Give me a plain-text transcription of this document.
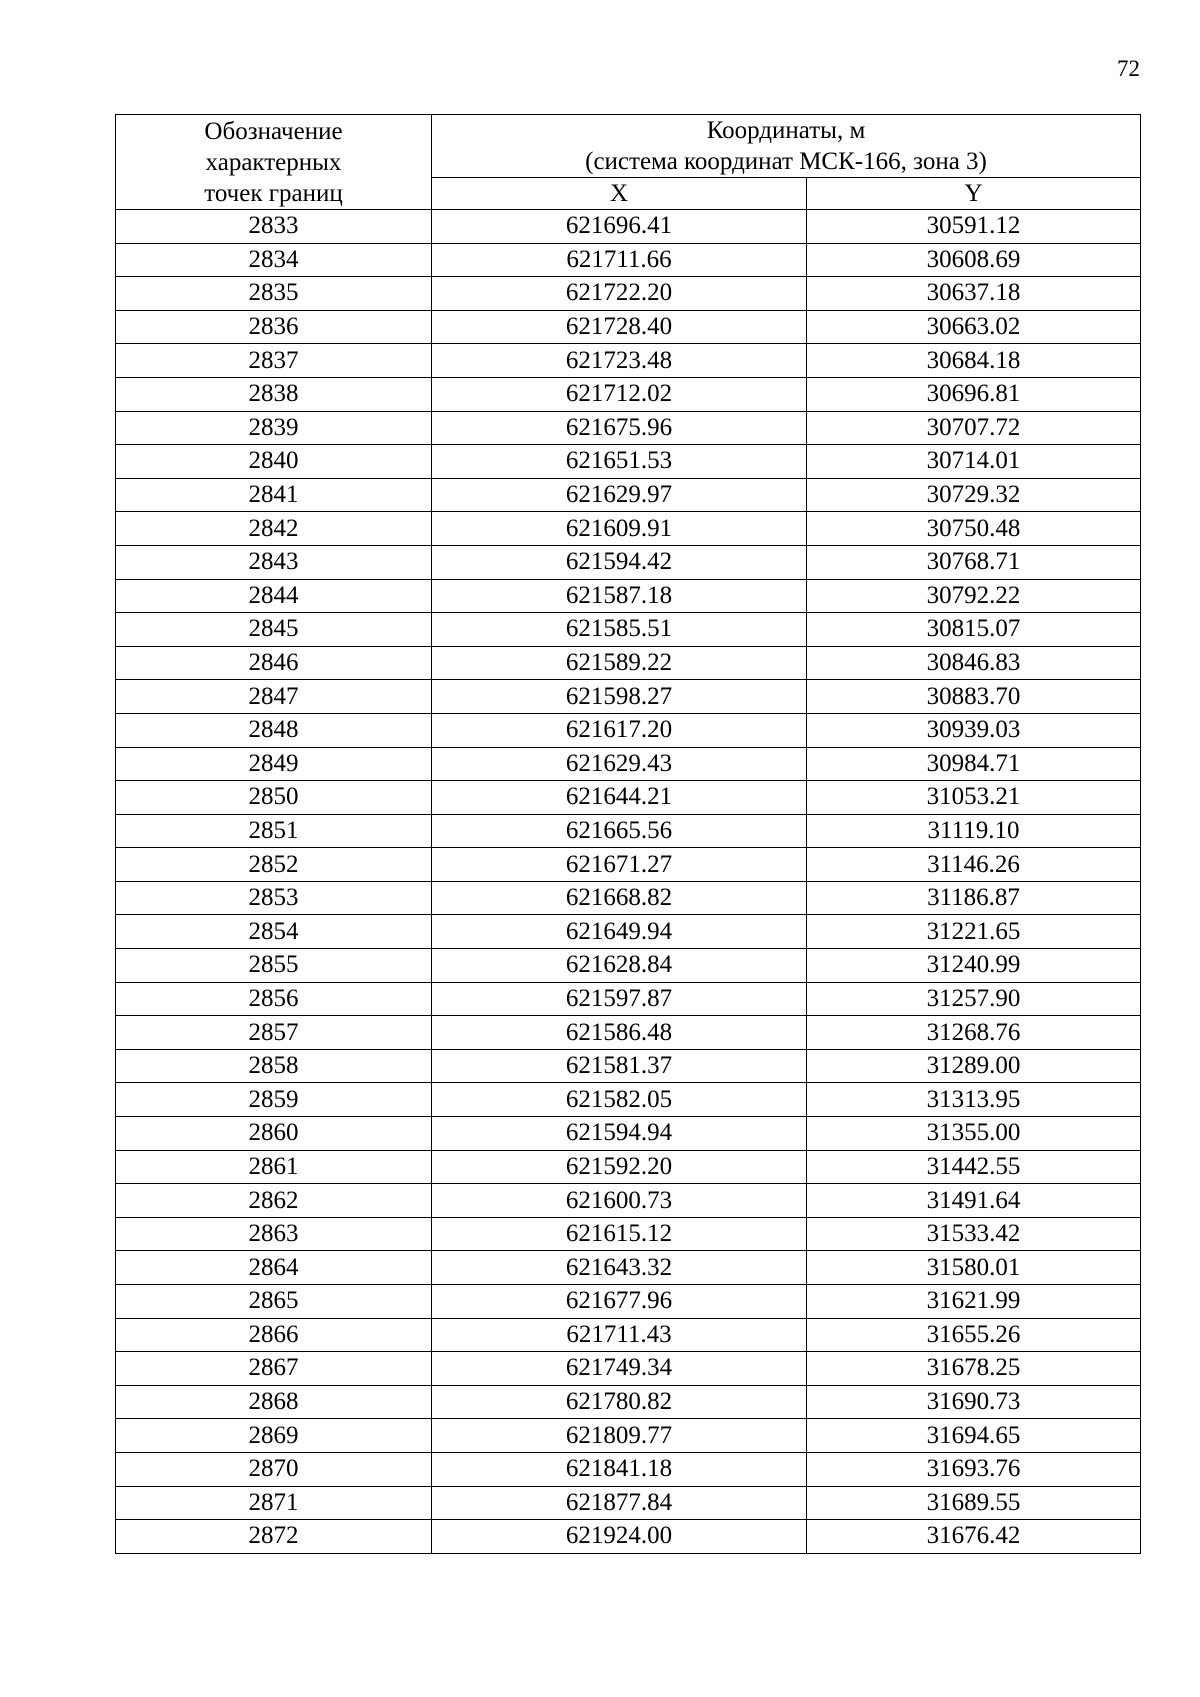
72
Обозначение
характерных
точек границ	Координаты, м
(система координат МСК-166, зона 3)	

	X	Y
2833	621696.41	30591.12
2834	621711.66	30608.69
2835	621722.20	30637.18
2836	621728.40	30663.02
2837	621723.48	30684.18
2838	621712.02	30696.81
2839	621675.96	30707.72
2840	621651.53	30714.01
2841	621629.97	30729.32
2842	621609.91	30750.48
2843	621594.42	30768.71
2844	621587.18	30792.22
2845	621585.51	30815.07
2846	621589.22	30846.83
2847	621598.27	30883.70
2848	621617.20	30939.03
2849	621629.43	30984.71
2850	621644.21	31053.21
2851	621665.56	31119.10
2852	621671.27	31146.26
2853	621668.82	31186.87
2854	621649.94	31221.65
2855	621628.84	31240.99
2856	621597.87	31257.90
2857	621586.48	31268.76
2858	621581.37	31289.00
2859	621582.05	31313.95
2860	621594.94	31355.00
2861	621592.20	31442.55
2862	621600.73	31491.64
2863	621615.12	31533.42
2864	621643.32	31580.01
2865	621677.96	31621.99
2866	621711.43	31655.26
2867	621749.34	31678.25
2868	621780.82	31690.73
2869	621809.77	31694.65
2870	621841.18	31693.76
2871	621877.84	31689.55
2872	621924.00	31676.42
